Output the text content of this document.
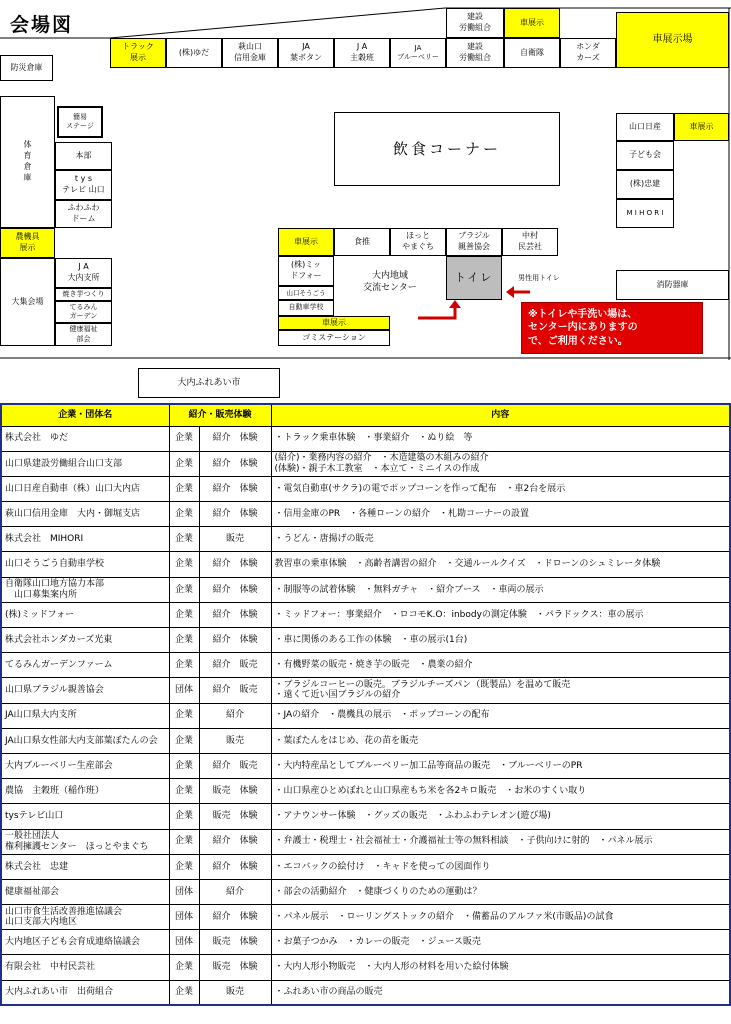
会場図
防災倉庫
体
育
倉
庫
簡易
ステージ
本部
t y s
テレビ 山口
ふわふわ
ドーム
農機具
展示
大集会場
J A
大内支所
焼き芋つくり
てるみん
ガーデン
健康福祉
部会
トラック
展示
(株)ゆだ
萩山口
信用金庫
JA
葉ボタン
J A
主穀班
JA
ブルーベリー
建設
労働組合
建設
労働組合
車展示
自衛隊
ホンダ
カーズ
車展示場
飲食コーナー
山口日産	車展示
子ども会
(株)忠建
M I H O R I
車展示	食推
ほっと
やまぐち
ブラジル
親善協会
中村
民芸社
(株)ミッ
ドフォー
山口そうごう
自動車学校
大内地域
交流センター
トイレ	男性用トイレ
消防器庫
車展示
ゴミステーション
※トイレや手洗い場は、
センター内にありますの
で、ご利用ください。
大内ふれあい市
企業・団体名	紹介・販売体験		内容
株式会社　ゆだ	企業	紹介　体験	・トラック乗車体験　・事業紹介　・ぬり絵　等
山口県建設労働組合山口支部	企業	紹介　体験	(紹介)・業務内容の紹介　・木造建築の木組みの紹介
(体験)・親子木工教室　・本立て・ミニイスの作成
山口日産自動車（株）山口大内店	企業	紹介　体験	・電気自動車(サクラ)の電でポップコーンを作って配布　・車2台を展示
萩山口信用金庫　大内・御堀支店	企業	紹介　体験	・信用金庫のPR　・各種ローンの紹介　・札勘コーナーの設置
株式会社　MIHORI	企業	販売	・うどん・唐揚げの販売
山口そうごう自動車学校	企業	紹介　体験	教習車の乗車体験　・高齢者講習の紹介　・交通ルールクイズ　・ドローンのシュミレータ体験
自衛隊山口地方協力本部
　山口募集案内所	企業	紹介　体験	・制服等の試着体験　・無料ガチャ　・紹介ブース　・車両の展示
(株)ミッドフォー	企業	紹介　体験	・ミッドフォー：事業紹介　・ロコモK.O：inbodyの測定体験　・パラドックス：車の展示
株式会社ホンダカーズ光東	企業	紹介　体験	・車に関係のある工作の体験　・車の展示(1台)
てるみんガーデンファーム	企業	紹介　販売	・有機野菜の販売・焼き芋の販売　・農業の紹介
山口県ブラジル親善協会	団体	紹介　販売	・ブラジルコーヒーの販売。ブラジルチーズパン（既製品）を温めて販売
・遠くて近い国ブラジルの紹介
JA山口県大内支所	企業	紹介	・JAの紹介　・農機具の展示　・ポップコーンの配布
JA山口県女性部大内支部葉ぼたんの会	企業	販売	・葉ぼたんをはじめ、花の苗を販売
大内ブルーベリー生産部会	企業	紹介　販売	・大内特産品としてブルーベリー加工品等商品の販売　・ブルーベリーのPR
農協　主穀班（稲作班）	企業	販売　体験	・山口県産ひとめぼれと山口県産もち米を各2キロ販売　・お米のすくい取り
tysテレビ山口	企業	販売　体験	・アナウンサー体験　・グッズの販売　・ふわふわテレオン(遊び場)
一般社団法人
権利擁護センター　ほっとやまぐち	企業	紹介　体験	・弁護士・税理士・社会福祉士・介護福祉士等の無料相談　・子供向けに射的　・パネル展示
株式会社　忠建	企業	紹介　体験	・エコバックの絵付け　・キャドを使っての図面作り
健康福祉部会	団体	紹介	・部会の活動紹介　・健康づくりのための運動は？
山口市食生活改善推進協議会
山口支部大内地区	団体	紹介　体験	・パネル展示　・ローリングストックの紹介　・備蓄品のアルファ米(市販品)の試食
大内地区子ども会育成連絡協議会	団体	販売　体験	・お菓子つかみ　・カレーの販売　・ジュース販売
有限会社　中村民芸社	企業	販売　体験	・大内人形小物販売　・大内人形の材料を用いた絵付体験
大内ふれあい市　出荷組合	企業	販売	・ふれあい市の商品の販売
